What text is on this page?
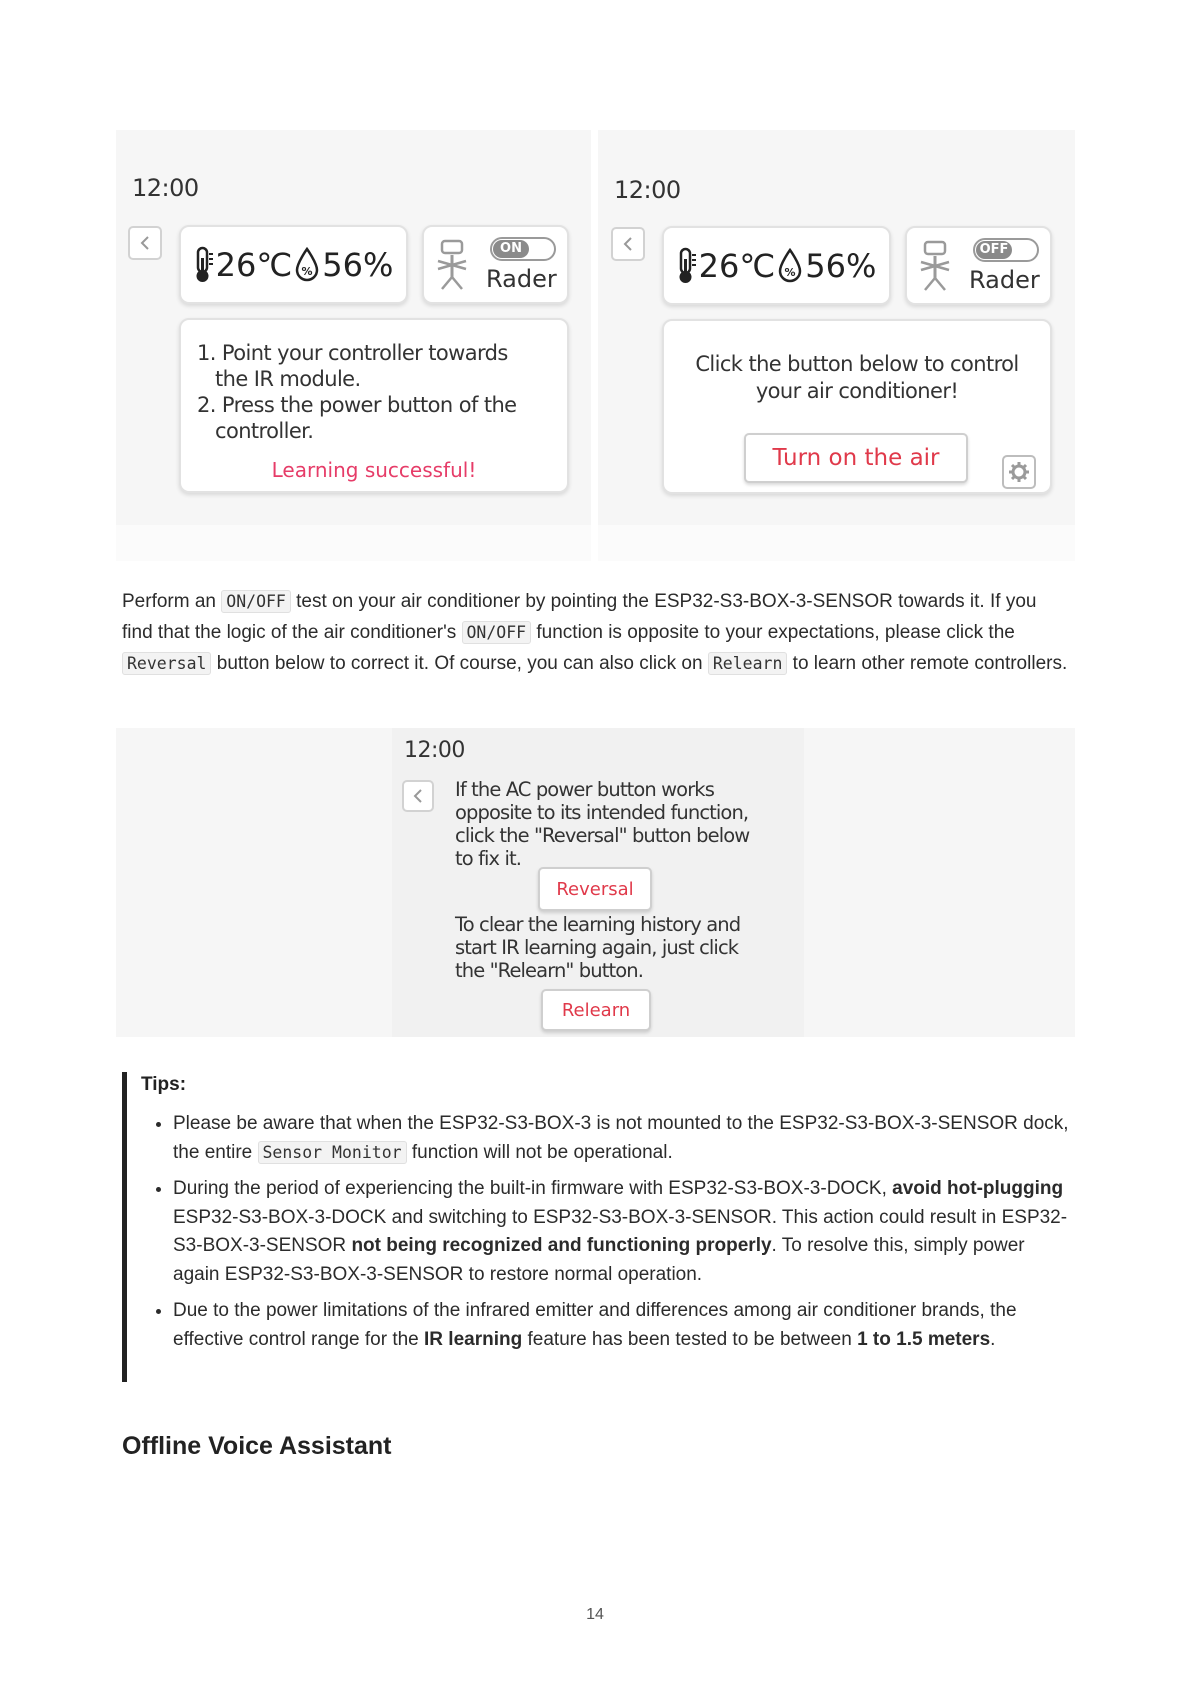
12:00
26℃ % 56%	ON
Rader
1. Point your controller towards
the IR module.
2. Press the power button of the
controller.
Learning successful!
12:00
26℃ % 56%	OFF
Rader
Click the button below to control
your air conditioner!
Turn on the air
Perform an ON/OFF test on your air conditioner by pointing the ESP32-S3-BOX-3-SENSOR towards it. If you find that the logic of the air conditioner's ON/OFF function is opposite to your expectations, please click the Reversal button below to correct it. Of course, you can also click on Relearn to learn other remote controllers.
12:00
If the AC power button works
opposite to its intended function,
click the "Reversal" button below
to fix it.
Reversal
To clear the learning history and
start IR learning again, just click
the "Relearn" button.
Relearn
Tips:
• Please be aware that when the ESP32-S3-BOX-3 is not mounted to the ESP32-S3-BOX-3-SENSOR dock, the entire Sensor Monitor function will not be operational.
• During the period of experiencing the built-in firmware with ESP32-S3-BOX-3-DOCK, avoid hot-plugging ESP32-S3-BOX-3-DOCK and switching to ESP32-S3-BOX-3-SENSOR. This action could result in ESP32-S3-BOX-3-SENSOR not being recognized and functioning properly. To resolve this, simply power again ESP32-S3-BOX-3-SENSOR to restore normal operation.
• Due to the power limitations of the infrared emitter and differences among air conditioner brands, the effective control range for the IR learning feature has been tested to be between 1 to 1.5 meters.
Offline Voice Assistant
14
